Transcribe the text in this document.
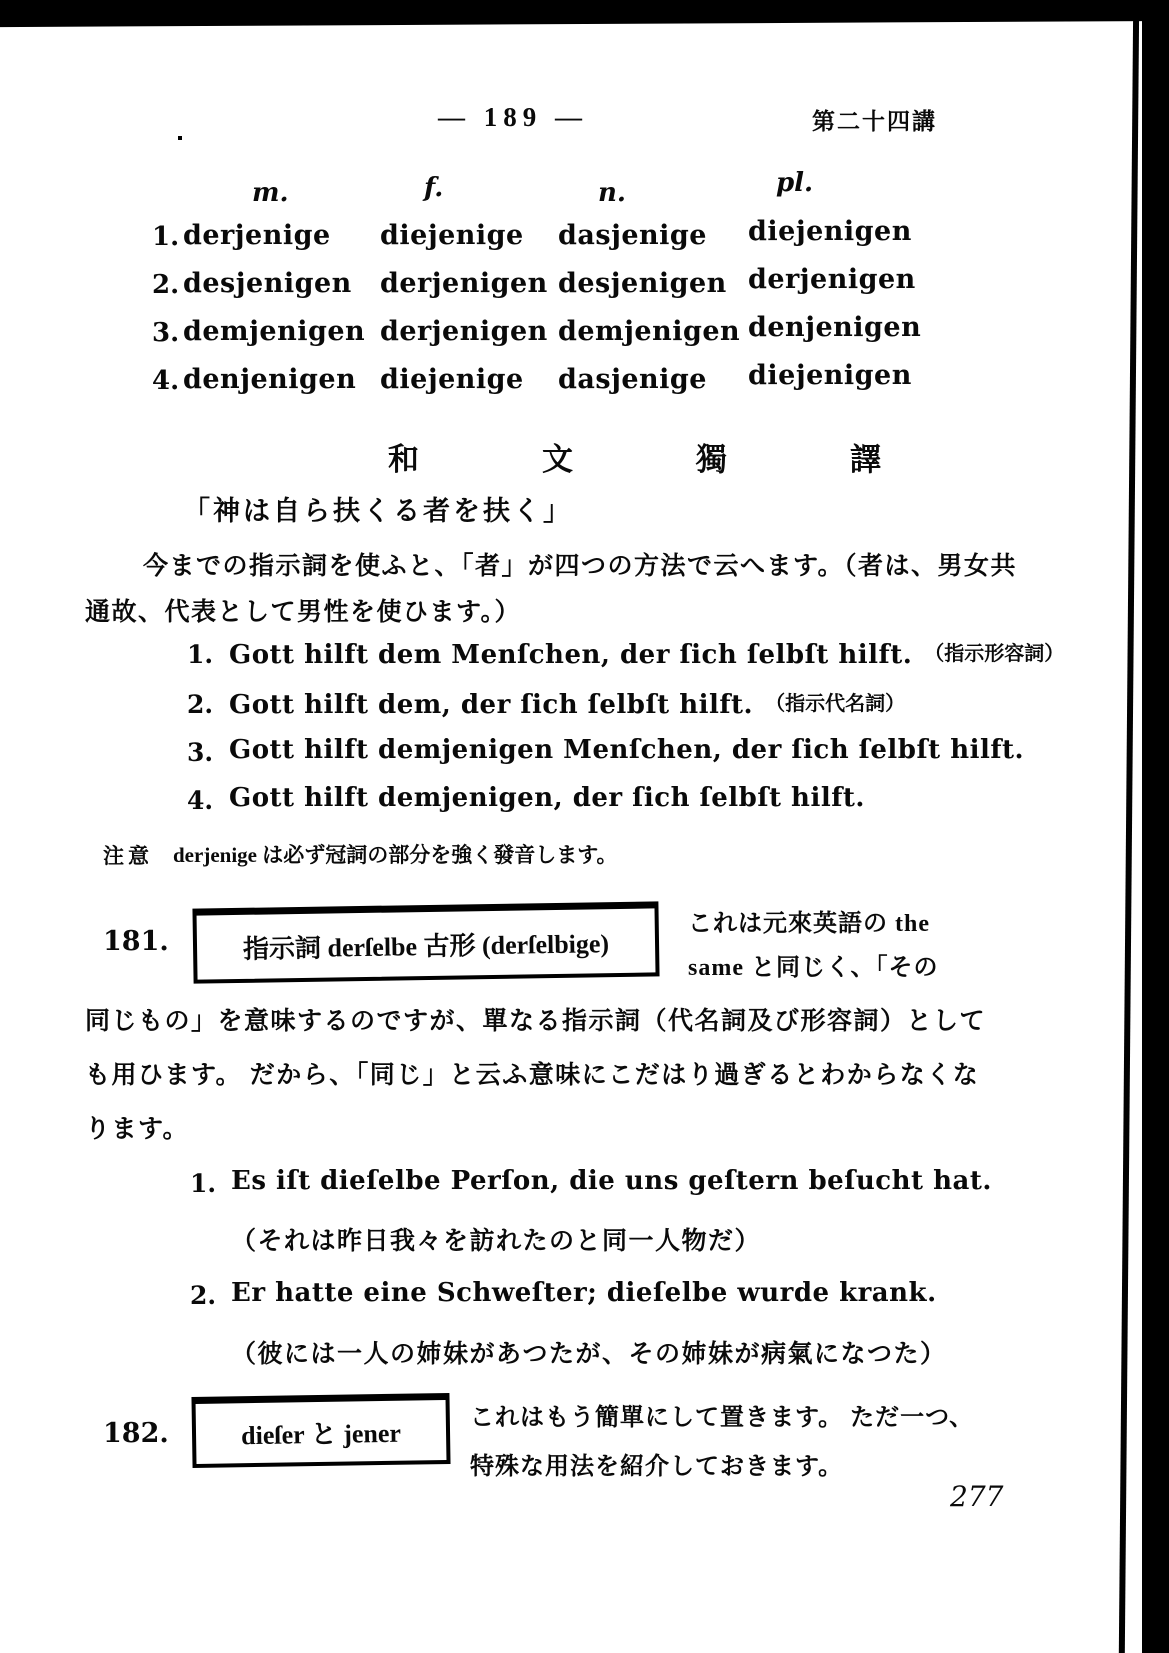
— 189 —	第二十四講
m.	f.	n.	pl.
1. derjenige diejenige dasjenige diejenigen
2. desjenigen derjenigen desjenigen derjenigen
3. demjenigen derjenigen demjenigen denjenigen
4. denjenigen diejenige dasjenige diejenigen
和　文　獨　譯
「神は自ら扶くる者を扶く」
今までの指示詞を使ふと、「者」が四つの方法で云へます。（者は、男女共
通故、代表として男性を使ひます。）
1. Gott hilft dem Menſchen, der ſich ſelbſt hilft. （指示形容詞）
2. Gott hilft dem, der ſich ſelbſt hilft. （指示代名詞）
3. Gott hilft demjenigen Menſchen, der ſich ſelbſt hilft.
4. Gott hilft demjenigen, der ſich ſelbſt hilft.
注意 derjenige は必ず冠詞の部分を強く發音します。
181.	指示詞 derſelbe 古形 (derſelbige)
これは元來英語の the
same と同じく、「その
同じもの」を意味するのですが、單なる指示詞（代名詞及び形容詞）として
も用ひます。 だから、「同じ」と云ふ意味にこだはり過ぎるとわからなくな
ります。
1. Es iſt dieſelbe Perſon, die uns geſtern beſucht hat.
（それは昨日我々を訪れたのと同一人物だ）
2. Er hatte eine Schweſter; dieſelbe wurde krank.
（彼には一人の姉妹があつたが、その姉妹が病氣になつた）
182.	dieſer と jener
これはもう簡單にして置きます。 ただ一つ、
特殊な用法を紹介しておきます。
277
